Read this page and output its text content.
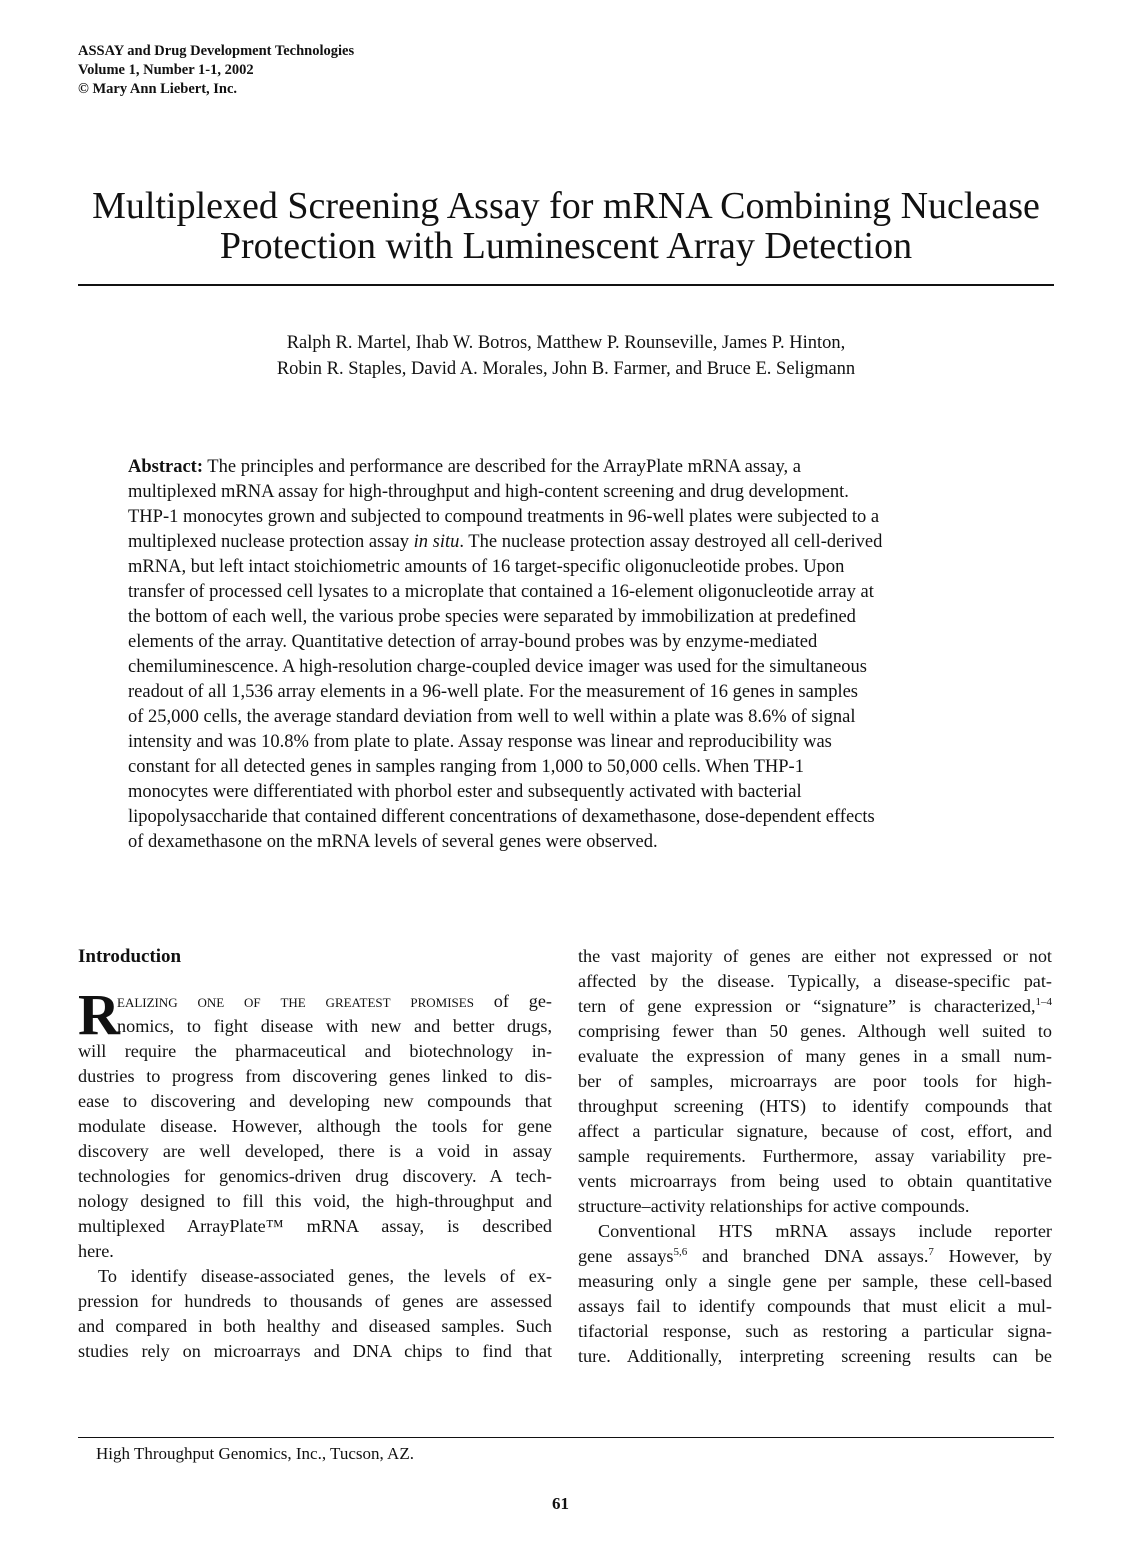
ASSAY and Drug Development Technologies
Volume 1, Number 1-1, 2002
© Mary Ann Liebert, Inc.
Multiplexed Screening Assay for mRNA Combining Nuclease
Protection with Luminescent Array Detection
Ralph R. Martel, Ihab W. Botros, Matthew P. Rounseville, James P. Hinton,
Robin R. Staples, David A. Morales, John B. Farmer, and Bruce E. Seligmann
Abstract: The principles and performance are described for the ArrayPlate mRNA assay, a
multiplexed mRNA assay for high-throughput and high-content screening and drug development.
THP-1 monocytes grown and subjected to compound treatments in 96-well plates were subjected to a
multiplexed nuclease protection assay in situ. The nuclease protection assay destroyed all cell-derived
mRNA, but left intact stoichiometric amounts of 16 target-specific oligonucleotide probes. Upon
transfer of processed cell lysates to a microplate that contained a 16-element oligonucleotide array at
the bottom of each well, the various probe species were separated by immobilization at predefined
elements of the array. Quantitative detection of array-bound probes was by enzyme-mediated
chemiluminescence. A high-resolution charge-coupled device imager was used for the simultaneous
readout of all 1,536 array elements in a 96-well plate. For the measurement of 16 genes in samples
of 25,000 cells, the average standard deviation from well to well within a plate was 8.6% of signal
intensity and was 10.8% from plate to plate. Assay response was linear and reproducibility was
constant for all detected genes in samples ranging from 1,000 to 50,000 cells. When THP-1
monocytes were differentiated with phorbol ester and subsequently activated with bacterial
lipopolysaccharide that contained different concentrations of dexamethasone, dose-dependent effects
of dexamethasone on the mRNA levels of several genes were observed.
Introduction
R
ealizing one of the greatest promises of ge-
nomics, to fight disease with new and better drugs,
will require the pharmaceutical and biotechnology in-
dustries to progress from discovering genes linked to dis-
ease to discovering and developing new compounds that
modulate disease. However, although the tools for gene
discovery are well developed, there is a void in assay
technologies for genomics-driven drug discovery. A tech-
nology designed to fill this void, the high-throughput and
multiplexed ArrayPlate™ mRNA assay, is described
here.
To identify disease-associated genes, the levels of ex-
pression for hundreds to thousands of genes are assessed
and compared in both healthy and diseased samples. Such
studies rely on microarrays and DNA chips to find that
the vast majority of genes are either not expressed or not
affected by the disease. Typically, a disease-specific pat-
tern of gene expression or “signature” is characterized,$^{1-4}$
comprising fewer than 50 genes. Although well suited to
evaluate the expression of many genes in a small num-
ber of samples, microarrays are poor tools for high-
throughput screening (HTS) to identify compounds that
affect a particular signature, because of cost, effort, and
sample requirements. Furthermore, assay variability pre-
vents microarrays from being used to obtain quantitative
structure–activity relationships for active compounds.
Conventional HTS mRNA assays include reporter
gene assays$^{5,6}$ and branched DNA assays.$^7$ However, by
measuring only a single gene per sample, these cell-based
assays fail to identify compounds that must elicit a mul-
tifactorial response, such as restoring a particular signa-
ture. Additionally, interpreting screening results can be
High Throughput Genomics, Inc., Tucson, AZ.
61
